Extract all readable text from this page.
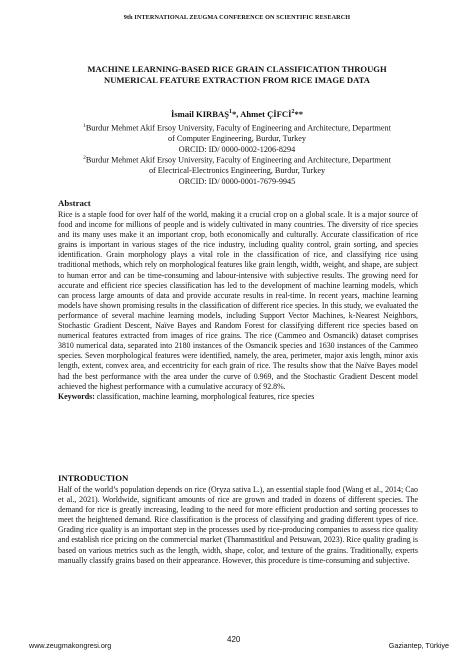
9th INTERNATIONAL ZEUGMA CONFERENCE ON SCIENTIFIC RESEARCH
MACHINE LEARNING-BASED RICE GRAIN CLASSIFICATION THROUGH
NUMERICAL FEATURE EXTRACTION FROM RICE IMAGE DATA
İsmail KIRBAŞ$^1$*, Ahmet ÇİFCİ$^2$**
$^1$Burdur Mehmet Akif Ersoy University, Faculty of Engineering and Architecture, Department
of Computer Engineering, Burdur, Turkey
ORCID: ID/ 0000-0002-1206-8294
$^2$Burdur Mehmet Akif Ersoy University, Faculty of Engineering and Architecture, Department
of Electrical-Electronics Engineering, Burdur, Turkey
ORCID: ID/ 0000-0001-7679-9945
Abstract

Rice is a staple food for over half of the world, making it a crucial crop on a global scale. It is a major source of food and income for millions of people and is widely cultivated in many countries. The diversity of rice species and its many uses make it an important crop, both economically and culturally. Accurate classification of rice grains is important in various stages of the rice industry, including quality control, grain sorting, and species identification. Grain morphology plays a vital role in the classification of rice, and classifying rice using traditional methods, which rely on morphological features like grain length, width, weight, and shape, are subject to human error and can be time-consuming and labour-intensive with subjective results. The growing need for accurate and efficient rice species classification has led to the development of machine learning models, which can process large amounts of data and provide accurate results in real-time. In recent years, machine learning models have shown promising results in the classification of different rice species. In this study, we evaluated the performance of several machine learning models, including Support Vector Machines, k-Nearest Neighbors, Stochastic Gradient Descent, Naïve Bayes and Random Forest for classifying different rice species based on numerical features extracted from images of rice grains. The rice (Cammeo and Osmancik) dataset comprises 3810 numerical data, separated into 2180 instances of the Osmancik species and 1630 instances of the Cammeo species. Seven morphological features were identified, namely, the area, perimeter, major axis length, minor axis length, extent, convex area, and eccentricity for each grain of rice. The results show that the Naïve Bayes model had the best performance with the area under the curve of 0.969, and the Stochastic Gradient Descent model achieved the highest performance with a cumulative accuracy of 92.8%.

Keywords: classification, machine learning, morphological features, rice species

INTRODUCTION

Half of the world’s population depends on rice (Oryza sativa L.), an essential staple food (Wang et al., 2014; Cao et al., 2021). Worldwide, significant amounts of rice are grown and traded in dozens of different species. The demand for rice is greatly increasing, leading to the need for more efficient production and sorting processes to meet the heightened demand. Rice classification is the process of classifying and grading different types of rice. Grading rice quality is an important step in the processes used by rice-producing companies to assess rice quality and establish rice pricing on the commercial market (Thammastitkul and Petsuwan, 2023). Rice quality grading is based on various metrics such as the length, width, shape, color, and texture of the grains. Traditionally, experts manually classify grains based on their appearance. However, this procedure is time-consuming and subjective.

www.zeugmakongresi.org
420
Gaziantep, Türkiye
